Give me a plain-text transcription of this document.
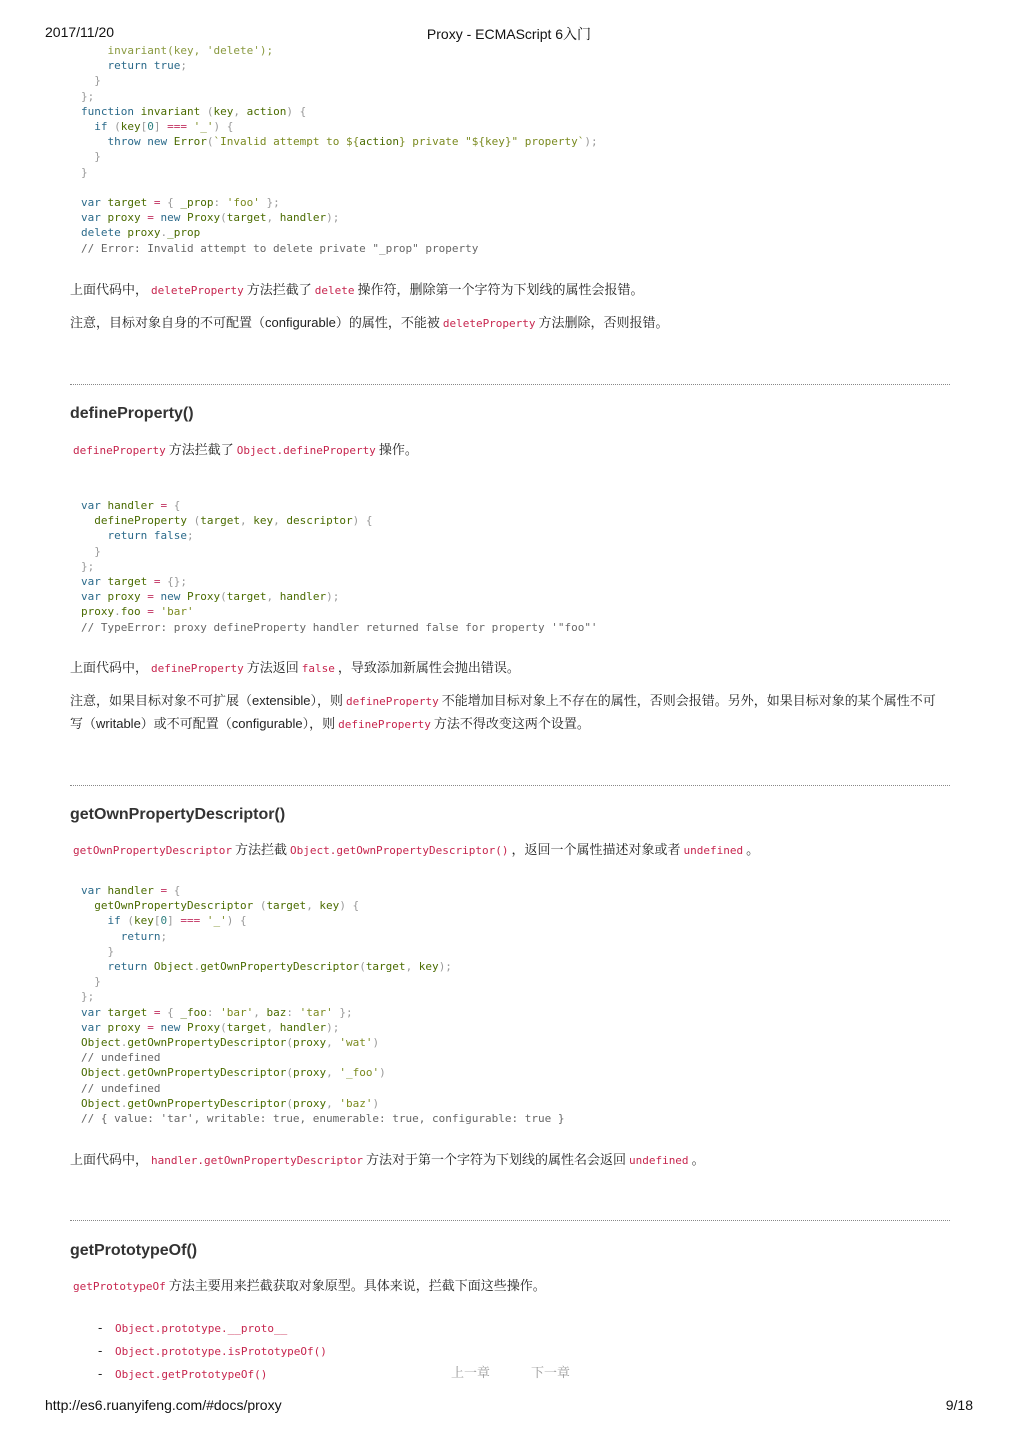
2017/11/20	Proxy - ECMAScript 6入门
invariant(key, 'delete');
return true;
}
};
function invariant (key, action) {
if (key[0] === '_') {
throw new Error(`Invalid attempt to ${action} private "${key}" property`);
}
}

var target = { _prop: 'foo' };
var proxy = new Proxy(target, handler);
delete proxy._prop
// Error: Invalid attempt to delete private "_prop" property

上面代码中， deleteProperty 方法拦截了 delete 操作符，删除第一个字符为下划线的属性会报错。

注意，目标对象自身的不可配置（configurable）的属性，不能被 deleteProperty 方法删除，否则报错。

defineProperty()

defineProperty 方法拦截了 Object.defineProperty 操作。

var handler = {
defineProperty (target, key, descriptor) {
return false;
}
};
var target = {};
var proxy = new Proxy(target, handler);
proxy.foo = 'bar'
// TypeError: proxy defineProperty handler returned false for property '"foo"'

上面代码中， defineProperty 方法返回 false ，导致添加新属性会抛出错误。

注意，如果目标对象不可扩展（extensible），则 defineProperty 不能增加目标对象上不存在的属性，否则会报错。另外，如果目标对象的某个属性不可
写（writable）或不可配置（configurable），则 defineProperty 方法不得改变这两个设置。

getOwnPropertyDescriptor()

getOwnPropertyDescriptor 方法拦截 Object.getOwnPropertyDescriptor() ，返回一个属性描述对象或者 undefined 。

var handler = {
getOwnPropertyDescriptor (target, key) {
if (key[0] === '_') {
return;
}
return Object.getOwnPropertyDescriptor(target, key);
}
};
var target = { _foo: 'bar', baz: 'tar' };
var proxy = new Proxy(target, handler);
Object.getOwnPropertyDescriptor(proxy, 'wat')
// undefined
Object.getOwnPropertyDescriptor(proxy, '_foo')
// undefined
Object.getOwnPropertyDescriptor(proxy, 'baz')
// { value: 'tar', writable: true, enumerable: true, configurable: true }

上面代码中， handler.getOwnPropertyDescriptor 方法对于第一个字符为下划线的属性名会返回 undefined 。

getPrototypeOf()

getPrototypeOf 方法主要用来拦截获取对象原型。具体来说，拦截下面这些操作。

- Object.prototype.__proto__
- Object.prototype.isPrototypeOf()
- Object.getPrototypeOf()	上一章	下一章
http://es6.ruanyifeng.com/#docs/proxy	9/18
